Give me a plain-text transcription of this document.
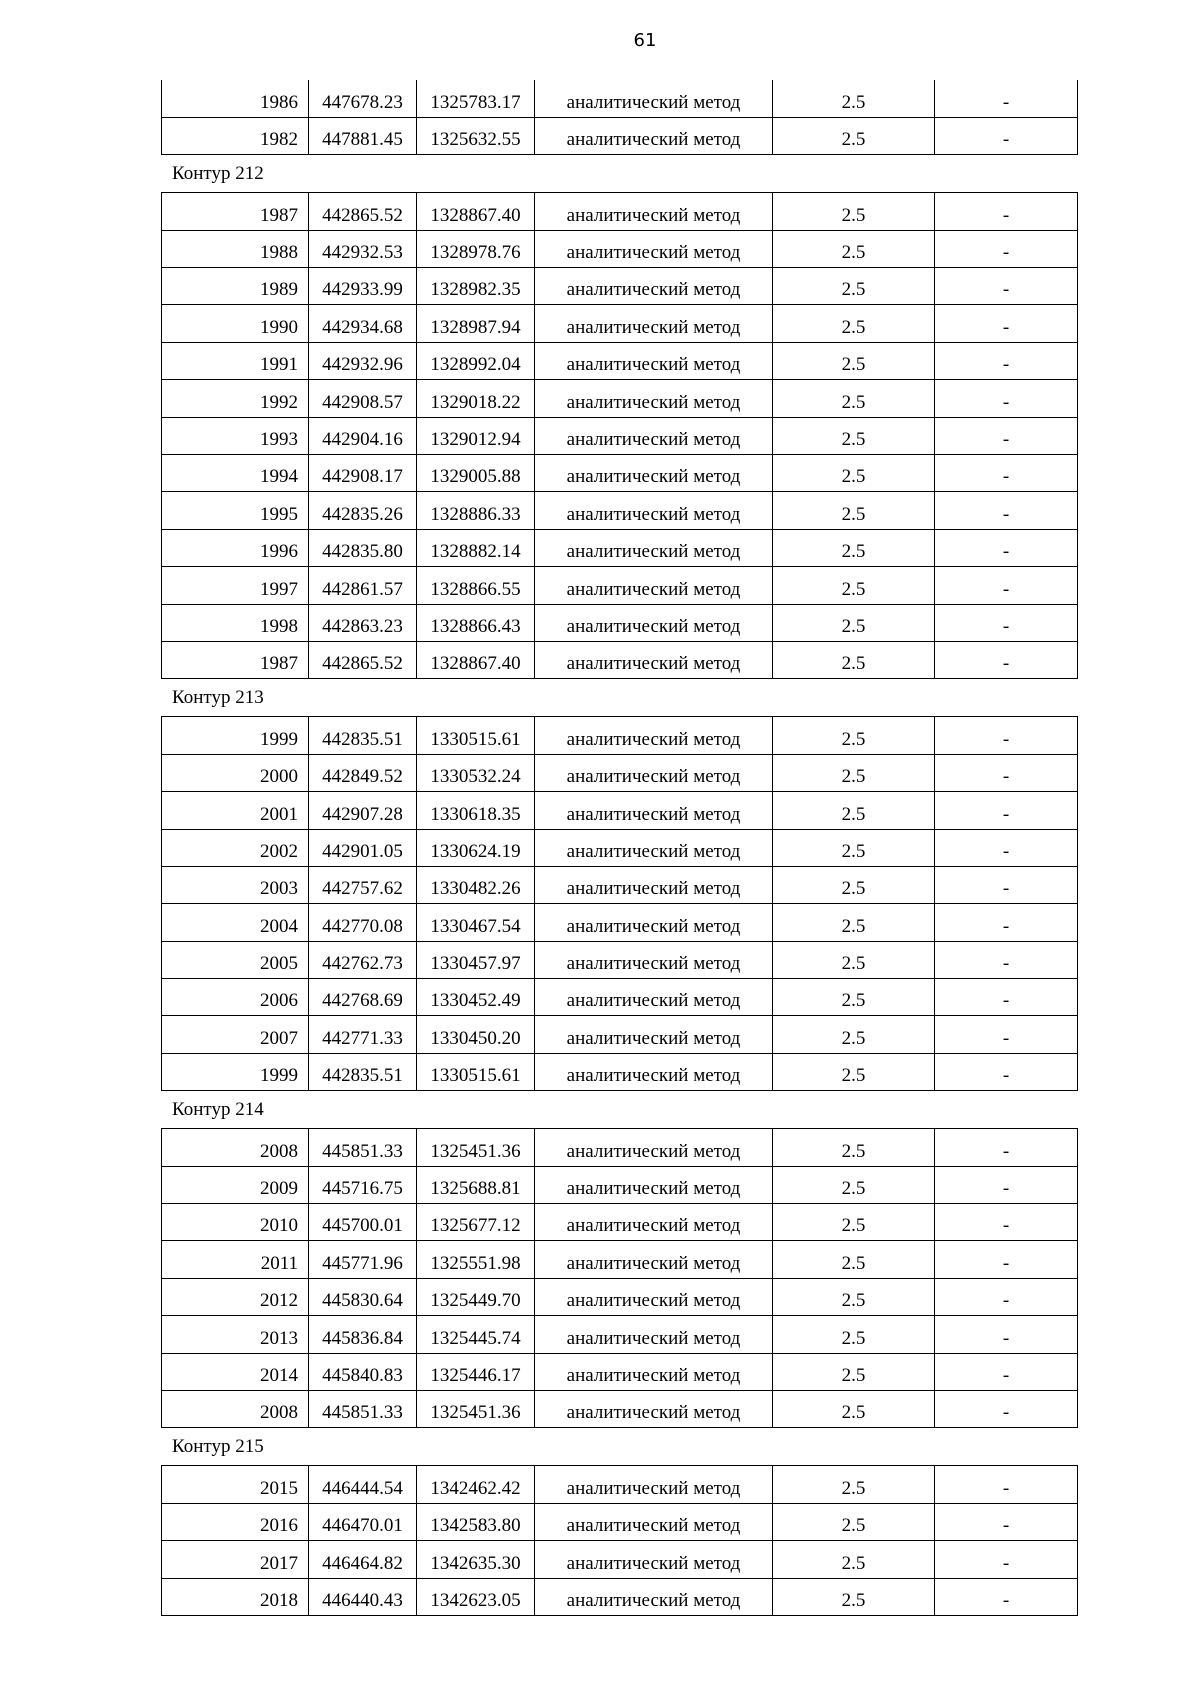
61
1986	447678.23	1325783.17	аналитический метод	2.5	-
1982	447881.45	1325632.55	аналитический метод	2.5	-
Контур 212
1987	442865.52	1328867.40	аналитический метод	2.5	-
1988	442932.53	1328978.76	аналитический метод	2.5	-
1989	442933.99	1328982.35	аналитический метод	2.5	-
1990	442934.68	1328987.94	аналитический метод	2.5	-
1991	442932.96	1328992.04	аналитический метод	2.5	-
1992	442908.57	1329018.22	аналитический метод	2.5	-
1993	442904.16	1329012.94	аналитический метод	2.5	-
1994	442908.17	1329005.88	аналитический метод	2.5	-
1995	442835.26	1328886.33	аналитический метод	2.5	-
1996	442835.80	1328882.14	аналитический метод	2.5	-
1997	442861.57	1328866.55	аналитический метод	2.5	-
1998	442863.23	1328866.43	аналитический метод	2.5	-
1987	442865.52	1328867.40	аналитический метод	2.5	-
Контур 213
1999	442835.51	1330515.61	аналитический метод	2.5	-
2000	442849.52	1330532.24	аналитический метод	2.5	-
2001	442907.28	1330618.35	аналитический метод	2.5	-
2002	442901.05	1330624.19	аналитический метод	2.5	-
2003	442757.62	1330482.26	аналитический метод	2.5	-
2004	442770.08	1330467.54	аналитический метод	2.5	-
2005	442762.73	1330457.97	аналитический метод	2.5	-
2006	442768.69	1330452.49	аналитический метод	2.5	-
2007	442771.33	1330450.20	аналитический метод	2.5	-
1999	442835.51	1330515.61	аналитический метод	2.5	-
Контур 214
2008	445851.33	1325451.36	аналитический метод	2.5	-
2009	445716.75	1325688.81	аналитический метод	2.5	-
2010	445700.01	1325677.12	аналитический метод	2.5	-
2011	445771.96	1325551.98	аналитический метод	2.5	-
2012	445830.64	1325449.70	аналитический метод	2.5	-
2013	445836.84	1325445.74	аналитический метод	2.5	-
2014	445840.83	1325446.17	аналитический метод	2.5	-
2008	445851.33	1325451.36	аналитический метод	2.5	-
Контур 215
2015	446444.54	1342462.42	аналитический метод	2.5	-
2016	446470.01	1342583.80	аналитический метод	2.5	-
2017	446464.82	1342635.30	аналитический метод	2.5	-
2018	446440.43	1342623.05	аналитический метод	2.5	-
